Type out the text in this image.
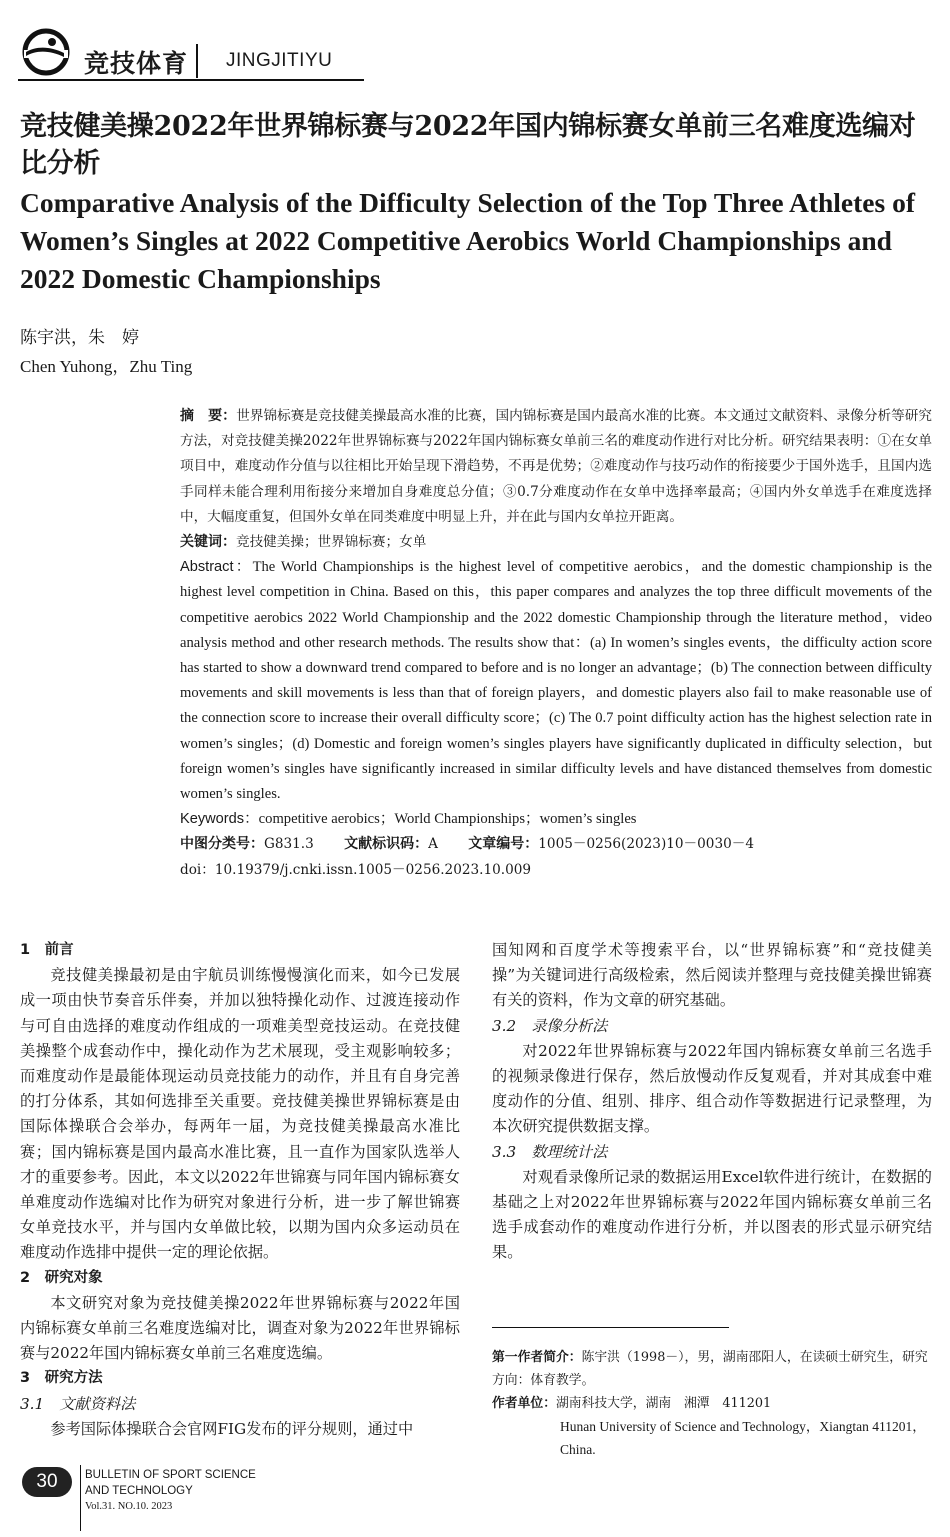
竞技体育 JINGJITIYU
竞技健美操2022年世界锦标赛与2022年国内锦标赛女单前三名难度选编对比分析
Comparative Analysis of the Difficulty Selection of the Top Three Athletes of Women’s Singles at 2022 Competitive Aerobics World Championships and 2022 Domestic Championships
陈宇洪，朱　婷
Chen Yuhong，Zhu Ting

摘　要：世界锦标赛是竞技健美操最高水准的比赛，国内锦标赛是国内最高水准的比赛。本文通过文献资料、录像分析等研究方法，对竞技健美操2022年世界锦标赛与2022年国内锦标赛女单前三名的难度动作进行对比分析。研究结果表明：①在女单项目中，难度动作分值与以往相比开始呈现下滑趋势，不再是优势；②难度动作与技巧动作的衔接要少于国外选手，且国内选手同样未能合理利用衔接分来增加自身难度总分值；③0.7分难度动作在女单中选择率最高；④国内外女单选手在难度选择中，大幅度重复，但国外女单在同类难度中明显上升，并在此与国内女单拉开距离。

关键词：竞技健美操；世界锦标赛；女单

Abstract：The World Championships is the highest level of competitive aerobics，and the domestic championship is the highest level competition in China. Based on this，this paper compares and analyzes the top three difficult movements of the competitive aerobics 2022 World Championship and the 2022 domestic Championship through the literature method，video analysis method and other research methods. The results show that：(a) In women’s singles events，the difficulty action score has started to show a downward trend compared to before and is no longer an advantage；(b) The connection between difficulty movements and skill movements is less than that of foreign players，and domestic players also fail to make reasonable use of the connection score to increase their overall difficulty score；(c) The 0.7 point difficulty action has the highest selection rate in women’s singles；(d) Domestic and foreign women’s singles players have significantly duplicated in difficulty selection，but foreign women’s singles have significantly increased in similar difficulty levels and have distanced themselves from domestic women’s singles.

Keywords：competitive aerobics；World Championships；women’s singles

中图分类号：G831.3 文献标识码：A 文章编号：1005－0256(2023)10－0030－4

doi：10.19379/j.cnki.issn.1005－0256.2023.10.009

1　前言

竞技健美操最初是由宇航员训练慢慢演化而来，如今已发展成一项由快节奏音乐伴奏，并加以独特操化动作、过渡连接动作与可自由选择的难度动作组成的一项难美型竞技运动。在竞技健美操整个成套动作中，操化动作为艺术展现，受主观影响较多；而难度动作是最能体现运动员竞技能力的动作，并且有自身完善的打分体系，其如何选排至关重要。竞技健美操世界锦标赛是由国际体操联合会举办，每两年一届，为竞技健美操最高水准比赛；国内锦标赛是国内最高水准比赛，且一直作为国家队选举人才的重要参考。因此，本文以2022年世锦赛与同年国内锦标赛女单难度动作选编对比作为研究对象进行分析，进一步了解世锦赛女单竞技水平，并与国内女单做比较，以期为国内众多运动员在难度动作选排中提供一定的理论依据。

2　研究对象

本文研究对象为竞技健美操2022年世界锦标赛与2022年国内锦标赛女单前三名难度选编对比，调查对象为2022年世界锦标赛与2022年国内锦标赛女单前三名难度选编。

3　研究方法

3.1　文献资料法

参考国际体操联合会官网FIG发布的评分规则，通过中

国知网和百度学术等搜索平台，以“世界锦标赛”和“竞技健美操”为关键词进行高级检索，然后阅读并整理与竞技健美操世锦赛有关的资料，作为文章的研究基础。

3.2　录像分析法

对2022年世界锦标赛与2022年国内锦标赛女单前三名选手的视频录像进行保存，然后放慢动作反复观看，并对其成套中难度动作的分值、组别、排序、组合动作等数据进行记录整理，为本次研究提供数据支撑。

3.3　数理统计法

对观看录像所记录的数据运用Excel软件进行统计，在数据的基础之上对2022年世界锦标赛与2022年国内锦标赛女单前三名选手成套动作的难度动作进行分析，并以图表的形式显示研究结果。

第一作者简介：陈宇洪（1998－），男，湖南邵阳人，在读硕士研究生，研究方向：体育教学。
作者单位：湖南科技大学，湖南　湘潭　411201
Hunan University of Science and Technology，Xiangtan 411201，China.
30	BULLETIN OF SPORT SCIENCE
AND TECHNOLOGY
Vol.31. NO.10. 2023
